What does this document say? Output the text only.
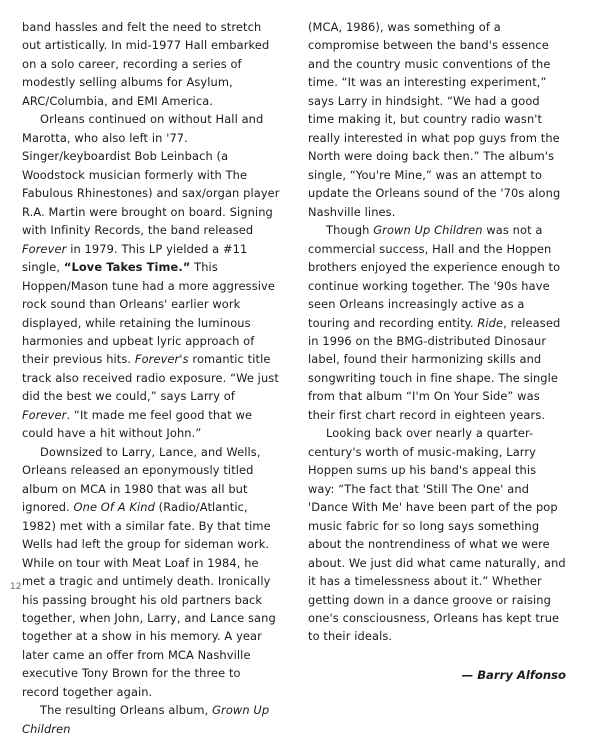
band hassles and felt the need to stretch out artistically. In mid-1977 Hall embarked on a solo career, recording a series of modestly selling albums for Asylum, ARC/Columbia, and EMI America.

Orleans continued on without Hall and Marotta, who also left in '77. Singer/keyboardist Bob Leinbach (a Woodstock musician formerly with The Fabulous Rhinestones) and sax/organ player R.A. Martin were brought on board. Signing with Infinity Records, the band released Forever in 1979. This LP yielded a #11 single, “Love Takes Time.” This Hoppen/Mason tune had a more aggressive rock sound than Orleans' earlier work displayed, while retaining the luminous harmonies and upbeat lyric approach of their previous hits. Forever's romantic title track also received radio exposure. “We just did the best we could,” says Larry of Forever. “It made me feel good that we could have a hit without John.”

Downsized to Larry, Lance, and Wells, Orleans released an eponymously titled album on MCA in 1980 that was all but ignored. One Of A Kind (Radio/Atlantic, 1982) met with a similar fate. By that time Wells had left the group for sideman work. While on tour with Meat Loaf in 1984, he met a tragic and untimely death. Ironically his passing brought his old partners back together, when John, Larry, and Lance sang together at a show in his memory. A year later came an offer from MCA Nashville executive Tony Brown for the three to record together again.

The resulting Orleans album, Grown Up Children

(MCA, 1986), was something of a compromise between the band's essence and the country music conventions of the time. “It was an interesting experiment,” says Larry in hindsight. “We had a good time making it, but country radio wasn't really interested in what pop guys from the North were doing back then.” The album's single, “You're Mine,” was an attempt to update the Orleans sound of the '70s along Nashville lines.

Though Grown Up Children was not a commercial success, Hall and the Hoppen brothers enjoyed the experience enough to continue working together. The '90s have seen Orleans increasingly active as a touring and recording entity. Ride, released in 1996 on the BMG-distributed Dinosaur label, found their harmonizing skills and songwriting touch in fine shape. The single from that album “I'm On Your Side” was their first chart record in eighteen years.

Looking back over nearly a quarter-century's worth of music-making, Larry Hoppen sums up his band's appeal this way: “The fact that 'Still The One' and 'Dance With Me' have been part of the pop music fabric for so long says something about the nontrendiness of what we were about. We just did what came naturally, and it has a timelessness about it.” Whether getting down in a dance groove or raising one's consciousness, Orleans has kept true to their ideals.

— Barry Alfonso
12
